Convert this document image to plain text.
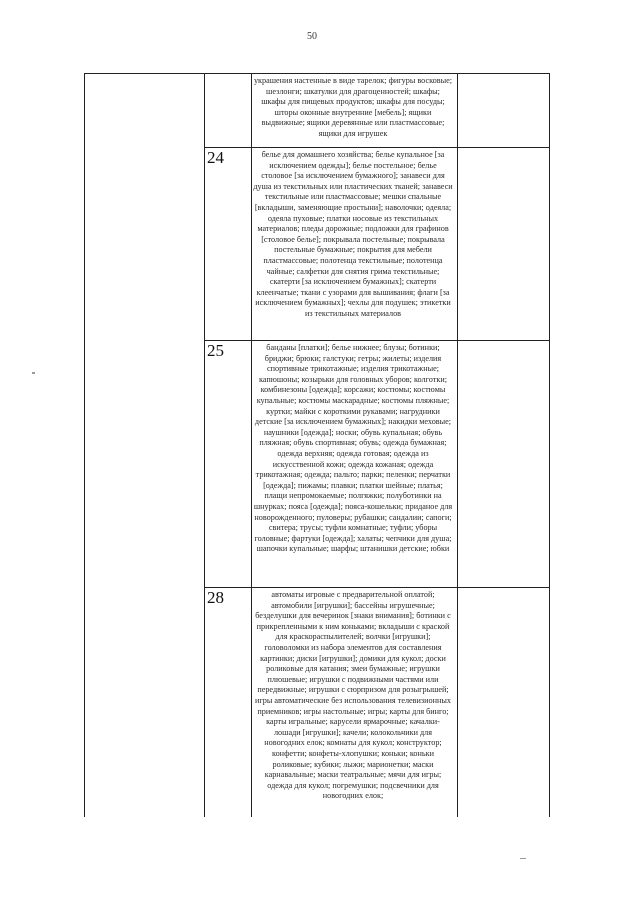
50
украшения настенные в виде тарелок; фигуры восковые; шезлонги; шкатулки для драгоценностей; шкафы; шкафы для пищевых продуктов; шкафы для посуды; шторы оконные внутренние [мебель]; ящики выдвижные; ящики деревянные или пластмассовые; ящики для игрушек
24	белье для домашнего хозяйства; белье купальное [за исключением одежды]; белье постельное; белье столовое [за исключением бумажного]; занавеси для душа из текстильных или пластических тканей; занавеси текстильные или пластмассовые; мешки спальные [вкладыши, заменяющие простыни]; наволочки; одеяла; одеяла пуховые; платки носовые из текстильных материалов; пледы дорожные; подложки для графинов [столовое белье]; покрывала постельные; покрывала постельные бумажные; покрытия для мебели пластмассовые; полотенца текстильные; полотенца чайные; салфетки для снятия грима текстильные; скатерти [за исключением бумажных]; скатерти клеенчатые; ткани с узорами для вышивания; флаги [за исключением бумажных]; чехлы для подушек; этикетки из текстильных материалов
25	банданы [платки]; белье нижнее; блузы; ботинки; бриджи; брюки; галстуки; гетры; жилеты; изделия спортивные трикотажные; изделия трикотажные; капюшоны; козырьки для головных уборов; колготки; комбинезоны [одежда]; корсажи; костюмы; костюмы купальные; костюмы маскарадные; костюмы пляжные; куртки; майки с короткими рукавами; нагрудники детские [за исключением бумажных]; накидки меховые; наушники [одежда]; носки; обувь купальная; обувь пляжная; обувь спортивная; обувь; одежда бумажная; одежда верхняя; одежда готовая; одежда из искусственной кожи; одежда кожаная; одежда трикотажная; одежда; пальто; парки; пеленки; перчатки [одежда]; пижамы; плавки; платки шейные; платья; плащи непромокаемые; полгяжки; полуботинки на шнурках; пояса [одежда]; пояса-кошельки; приданое для новорожденного; пуловеры; рубашки; сандалии; сапоги; свитера; трусы; туфли комнатные; туфли; уборы головные; фартуки [одежда]; халаты; чепчики для душа; шапочки купальные; шарфы; штанишки детские; юбки
28	автоматы игровые с предварительной оплатой; автомобили [игрушки]; бассейны игрушечные; безделушки для вечеринок [знаки внимания]; ботинки с прикрепленными к ним коньками; вкладыши с краской для краскораспылителей; волчки [игрушки]; головоломки из набора элементов для составления картинки; диски [игрушки]; домики для кукол; доски роликовые для катания; змеи бумажные; игрушки плюшевые; игрушки с подвижными частями или передвижные; игрушки с сюрпризом для розыгрышей; игры автоматические без использования телевизионных приемников; игры настольные; игры; карты для бинго; карты игральные; карусели ярмарочные; качалки-лошади [игрушки]; качели; колокольчики для новогодних елок; комнаты для кукол; конструктор; конфетти; конфеты-хлопушки; коньки; коньки роликовые; кубики; лыжи; марионетки; маски карнавальные; маски театральные; мячи для игры; одежда для кукол; погремушки; подсвечники для новогодних елок;
